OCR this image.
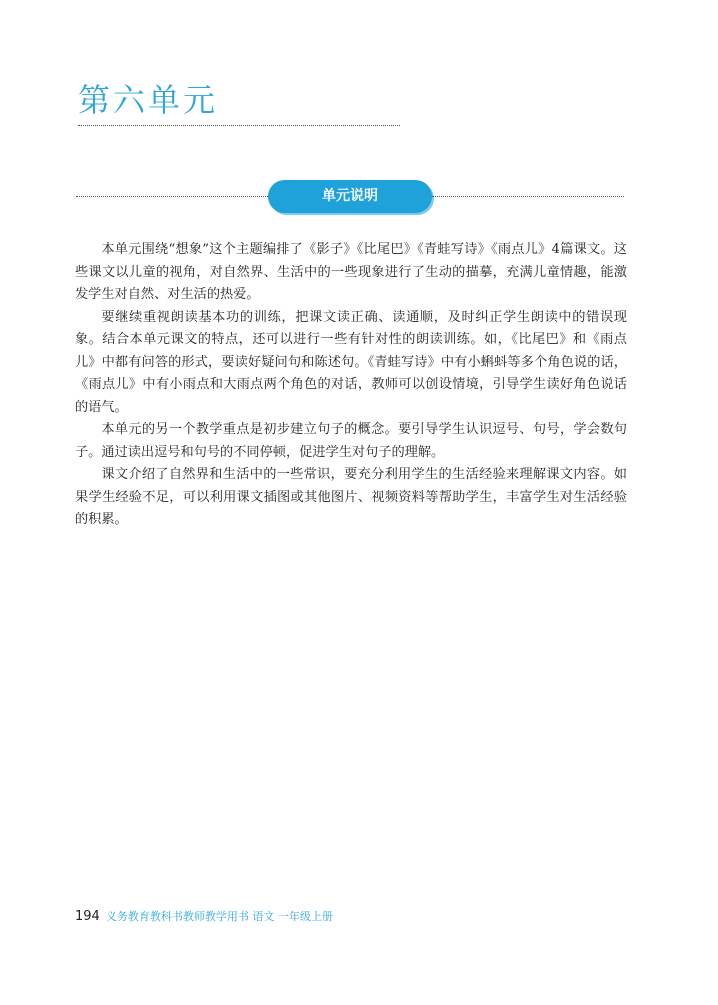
第六单元
单元说明

本单元围绕“想象”这个主题编排了《影子》《比尾巴》《青蛙写诗》《雨点儿》4篇课文。这些课文以儿童的视角，对自然界、生活中的一些现象进行了生动的描摹，充满儿童情趣，能激发学生对自然、对生活的热爱。

要继续重视朗读基本功的训练，把课文读正确、读通顺，及时纠正学生朗读中的错误现象。结合本单元课文的特点，还可以进行一些有针对性的朗读训练。如，《比尾巴》和《雨点儿》中都有问答的形式，要读好疑问句和陈述句。《青蛙写诗》中有小蝌蚪等多个角色说的话，《雨点儿》中有小雨点和大雨点两个角色的对话，教师可以创设情境，引导学生读好角色说话的语气。

本单元的另一个教学重点是初步建立句子的概念。要引导学生认识逗号、句号，学会数句子。通过读出逗号和句号的不同停顿，促进学生对句子的理解。

课文介绍了自然界和生活中的一些常识，要充分利用学生的生活经验来理解课文内容。如果学生经验不足，可以利用课文插图或其他图片、视频资料等帮助学生，丰富学生对生活经验的积累。

194 义务教育教科书教师教学用书 语文 一年级上册
